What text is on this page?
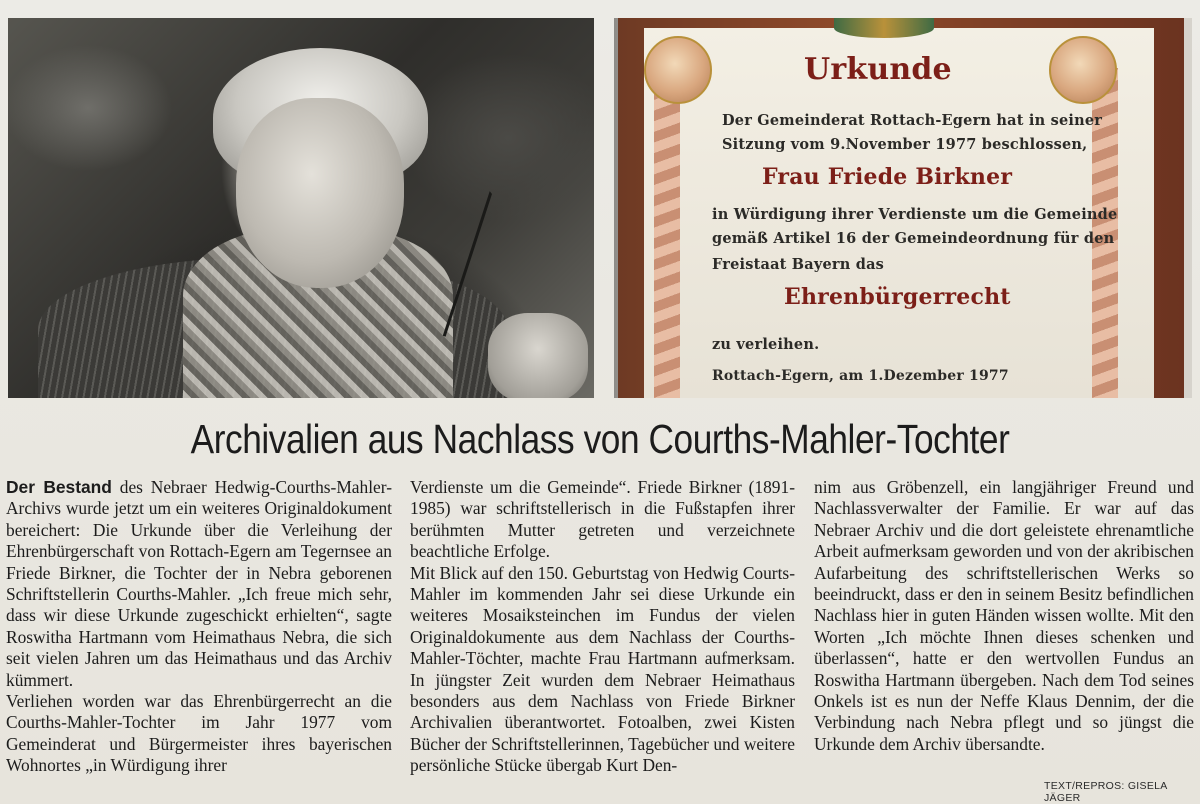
Urkunde
Der Gemeinderat Rottach-Egern hat in seiner
Sitzung vom 9.November 1977 beschlossen,
Frau Friede Birkner
in Würdigung ihrer Verdienste um die Gemeinde
gemäß Artikel 16 der Gemeindeordnung für den
Freistaat Bayern das
Ehrenbürgerrecht
zu verleihen.
Rottach-Egern, am 1.Dezember 1977
Archivalien aus Nachlass von Courths-Mahler-Tochter

Der Bestand des Nebraer Hedwig-Courths-Mahler-Archivs wurde jetzt um ein weiteres Originaldokument bereichert: Die Urkunde über die Verleihung der Ehrenbürgerschaft von Rottach-Egern am Tegernsee an Friede Birkner, die Tochter der in Nebra geborenen Schriftstellerin Courths-Mahler. „Ich freue mich sehr, dass wir diese Urkunde zugeschickt erhielten“, sagte Roswitha Hartmann vom Heimathaus Nebra, die sich seit vielen Jahren um das Heimathaus und das Archiv kümmert.

Verliehen worden war das Ehrenbürgerrecht an die Courths-Mahler-Tochter im Jahr 1977 vom Gemeinderat und Bürgermeister ihres bayerischen Wohnortes „in Würdigung ihrer

Verdienste um die Gemeinde“. Friede Birkner (1891-1985) war schriftstellerisch in die Fußstapfen ihrer berühmten Mutter getreten und verzeichnete beachtliche Erfolge.

Mit Blick auf den 150. Geburtstag von Hedwig Courts-Mahler im kommenden Jahr sei diese Urkunde ein weiteres Mosaiksteinchen im Fundus der vielen Originaldokumente aus dem Nachlass der Courths-Mahler-Töchter, machte Frau Hartmann aufmerksam. In jüngster Zeit wurden dem Nebraer Heimathaus besonders aus dem Nachlass von Friede Birkner Archivalien überantwortet. Fotoalben, zwei Kisten Bücher der Schriftstellerinnen, Tagebücher und weitere persönliche Stücke übergab Kurt Den-

nim aus Gröbenzell, ein langjähriger Freund und Nachlassverwalter der Familie. Er war auf das Nebraer Archiv und die dort geleistete ehrenamtliche Arbeit aufmerksam geworden und von der akribischen Aufarbeitung des schriftstellerischen Werks so beeindruckt, dass er den in seinem Besitz befindlichen Nachlass hier in guten Händen wissen wollte. Mit den Worten „Ich möchte Ihnen dieses schenken und überlassen“, hatte er den wertvollen Fundus an Roswitha Hartmann übergeben. Nach dem Tod seines Onkels ist es nun der Neffe Klaus Dennim, der die Verbindung nach Nebra pflegt und so jüngst die Urkunde dem Archiv übersandte.

TEXT/REPROS: GISELA JÄGER
